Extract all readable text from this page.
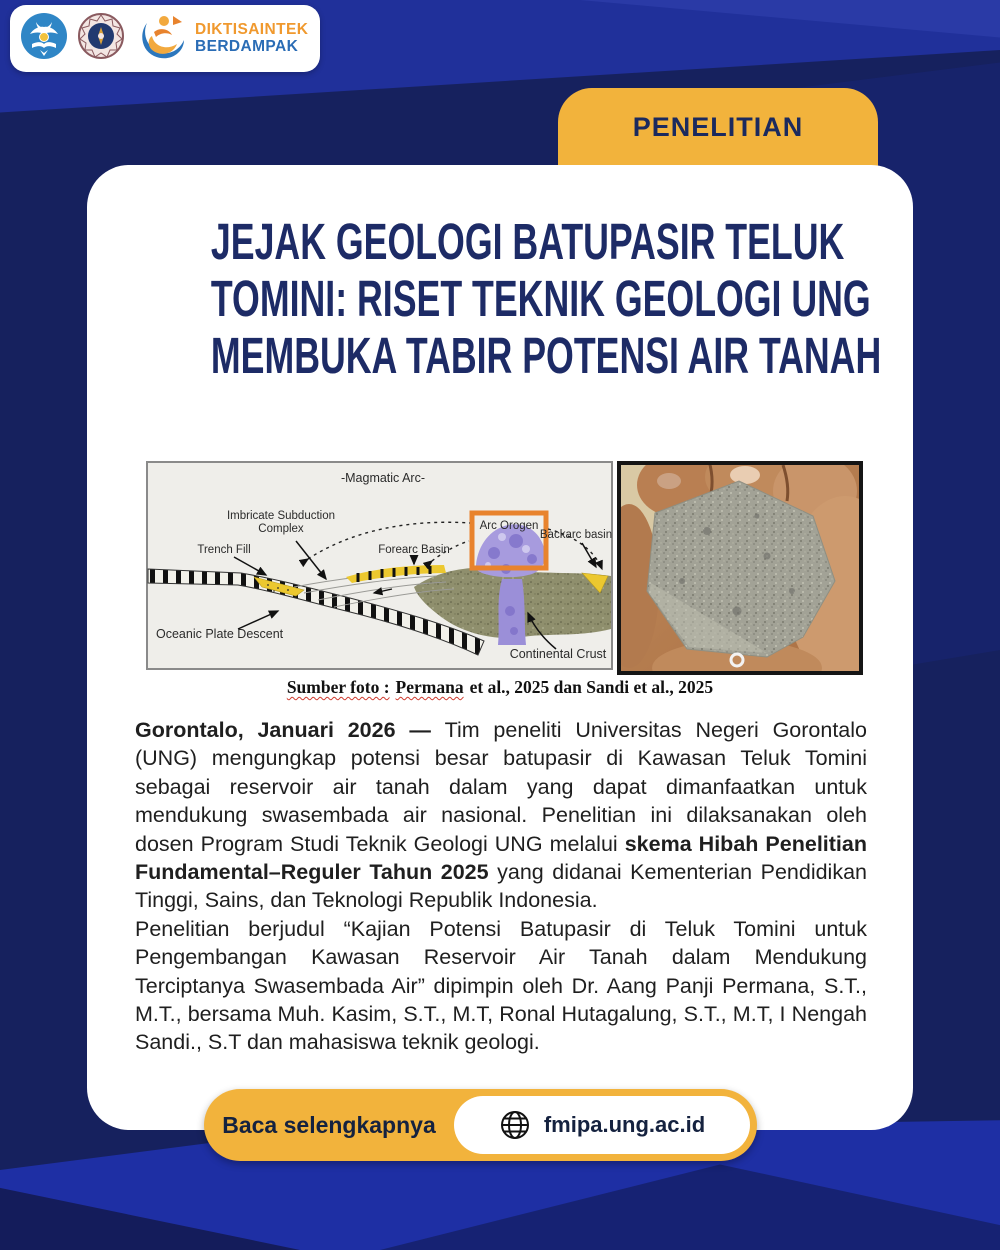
DIKTISAINTEK
BERDAMPAK
PENELITIAN
JEJAK GEOLOGI BATUPASIR TELUK
TOMINI: RISET TEKNIK GEOLOGI UNG
MEMBUKA TABIR POTENSI AIR TANAH
-Magmatic Arc-
Imbricate Subduction
Complex
Trench Fill	Forearc Basin
Arc Orogen
Backarc basin
Oceanic Plate Descent
Continental Crust
Sumber foto : Permana et al., 2025 dan Sandi et al., 2025

Gorontalo, Januari 2026 — Tim peneliti Universitas Negeri Gorontalo (UNG) mengungkap potensi besar batupasir di Kawasan Teluk Tomini sebagai reservoir air tanah dalam yang dapat dimanfaatkan untuk mendukung swasembada air nasional. Penelitian ini dilaksanakan oleh dosen Program Studi Teknik Geologi UNG melalui skema Hibah Penelitian Fundamental–Reguler Tahun 2025 yang didanai Kementerian Pendidikan Tinggi, Sains, dan Teknologi Republik Indonesia.

Penelitian berjudul “Kajian Potensi Batupasir di Teluk Tomini untuk Pengembangan Kawasan Reservoir Air Tanah dalam Mendukung Terciptanya Swasembada Air” dipimpin oleh Dr. Aang Panji Permana, S.T., M.T., bersama Muh. Kasim, S.T., M.T, Ronal Hutagalung, S.T., M.T, I Nengah Sandi., S.T dan mahasiswa teknik geologi.

Baca selengkapnya	fmipa.ung.ac.id
